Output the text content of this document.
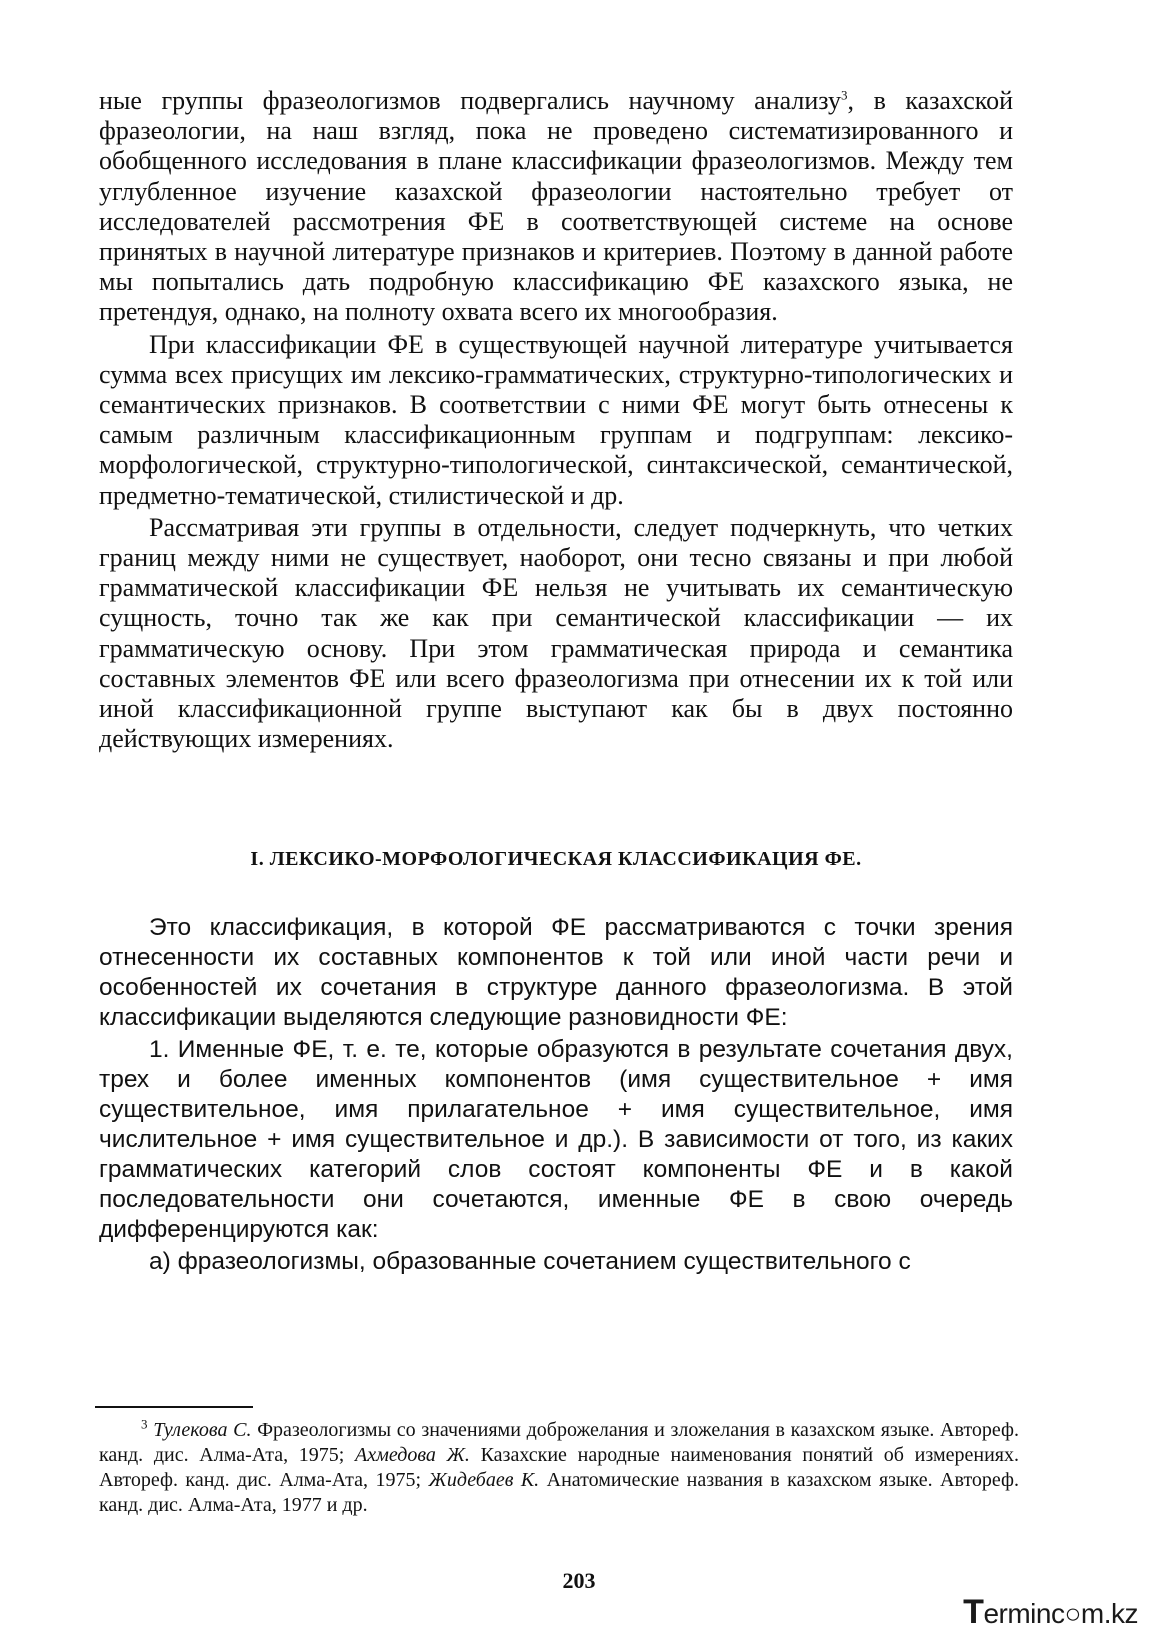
ные группы фразеологизмов подвергались научному анализу$^3$, в казахской фразеологии, на наш взгляд, пока не проведено систематизированного и обобщенного исследования в плане классификации фразеологизмов. Между тем углубленное изучение казахской фразеологии настоятельно требует от исследователей рассмотрения ФЕ в соответствующей системе на основе принятых в научной литературе признаков и критериев. Поэтому в данной работе мы попытались дать подробную классификацию ФЕ казахского языка, не претендуя, однако, на полноту охвата всего их многообразия.

При классификации ФЕ в существующей научной литературе учитывается сумма всех присущих им лексико-грамматических, структурно-типологических и семантических признаков. В соответствии с ними ФЕ могут быть отнесены к самым различным классификационным группам и подгруппам: лексико-морфологической, структурно-типологической, синтаксической, семантической, предметно-тематической, стилистической и др.

Рассматривая эти группы в отдельности, следует подчеркнуть, что четких границ между ними не существует, наоборот, они тесно связаны и при любой грамматической классификации ФЕ нельзя не учитывать их семантическую сущность, точно так же как при семантической классификации — их грамматическую основу. При этом грамматическая природа и семантика составных элементов ФЕ или всего фразеологизма при отнесении их к той или иной классификационной группе выступают как бы в двух постоянно действующих измерениях.

I. ЛЕКСИКО-МОРФОЛОГИЧЕСКАЯ КЛАССИФИКАЦИЯ ФЕ.

Это классификация, в которой ФЕ рассматриваются с точки зрения отнесенности их составных компонентов к той или иной части речи и особенностей их сочетания в структуре данного фразеологизма. В этой классификации выделяются следующие разновидности ФЕ:

1. Именные ФЕ, т. е. те, которые образуются в результате сочетания двух, трех и более именных компонентов (имя существительное + имя существительное, имя прилагательное + имя существительное, имя числительное + имя существительное и др.). В зависимости от того, из каких грамматических категорий слов состоят компоненты ФЕ и в какой последовательности они сочетаются, именные ФЕ в свою очередь дифференцируются как:

а) фразеологизмы, образованные сочетанием существительного с

$^3$ Тулекова С. Фразеологизмы со значениями доброжелания и зложелания в казахском языке. Автореф. канд. дис. Алма-Ата, 1975; Ахмедова Ж. Казахские народные наименования понятий об измерениях. Автореф. канд. дис. Алма-Ата, 1975; Жидебаев К. Анатомические названия в казахском языке. Автореф. канд. дис. Алма-Ата, 1977 и др.
203
Terminc○m.kz
